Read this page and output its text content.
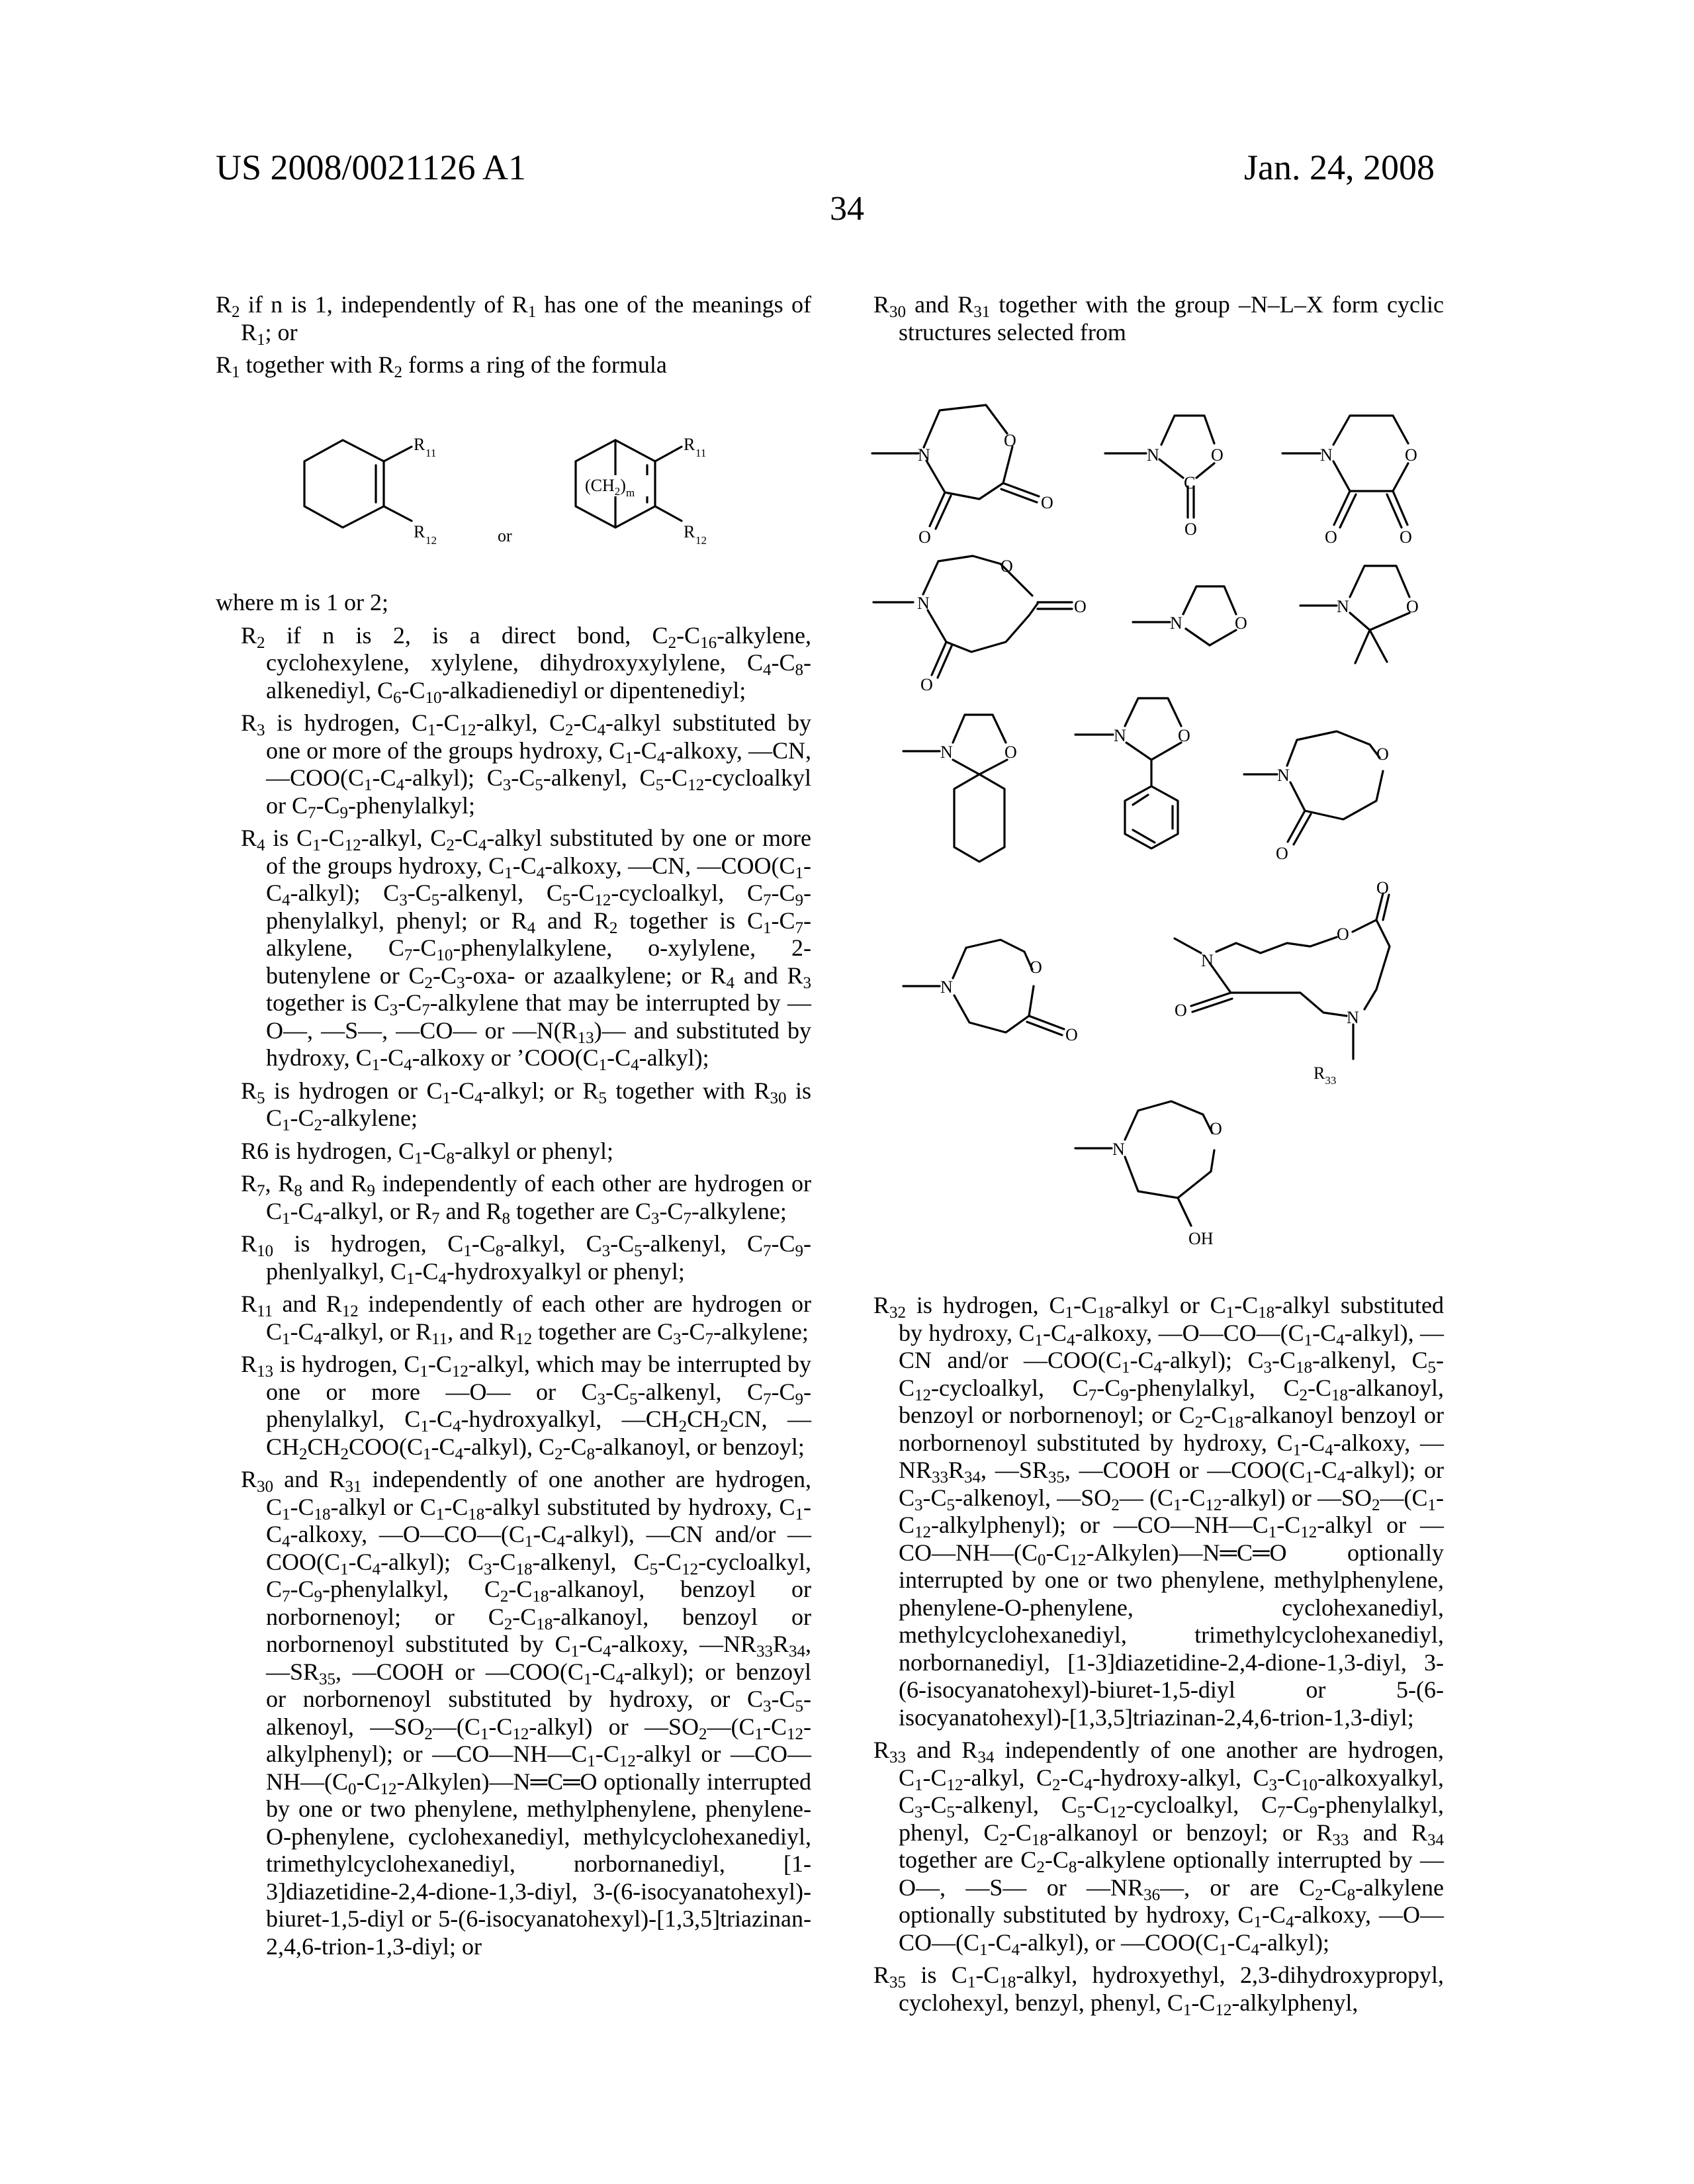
US 2008/0021126 A1	Jan. 24, 2008
34

R2 if n is 1, independently of R1 has one of the meanings of R1; or

R1 together with R2 forms a ring of the formula

R 11
R 12	or
(CH2)m
R 11
R 12

where m is 1 or 2;

R2 if n is 2, is a direct bond, C2-C16-alkylene, cyclohexylene, xylylene, dihydroxyxylylene, C4-C8-alkenediyl, C6-C10-alkadienediyl or dipentenediyl;

R3 is hydrogen, C1-C12-alkyl, C2-C4-alkyl substituted by one or more of the groups hydroxy, C1-C4-alkoxy, —CN, —COO(C1-C4-alkyl); C3-C5-alkenyl, C5-C12-cycloalkyl or C7-C9-phenylalkyl;

R4 is C1-C12-alkyl, C2-C4-alkyl substituted by one or more of the groups hydroxy, C1-C4-alkoxy, —CN, —COO(C1-C4-alkyl); C3-C5-alkenyl, C5-C12-cycloalkyl, C7-C9-phenylalkyl, phenyl; or R4 and R2 together is C1-C7-alkylene, C7-C10-phenylalkylene, o-xylylene, 2-butenylene or C2-C3-oxa- or azaalkylene; or R4 and R3 together is C3-C7-alkylene that may be interrupted by —O—, —S—, —CO— or —N(R13)— and substituted by hydroxy, C1-C4-alkoxy or ’COO(C1-C4-alkyl);

R5 is hydrogen or C1-C4-alkyl; or R5 together with R30 is C1-C2-alkylene;

R6 is hydrogen, C1-C8-alkyl or phenyl;

R7, R8 and R9 independently of each other are hydrogen or C1-C4-alkyl, or R7 and R8 together are C3-C7-alkylene;

R10 is hydrogen, C1-C8-alkyl, C3-C5-alkenyl, C7-C9-phenlyalkyl, C1-C4-hydroxyalkyl or phenyl;

R11 and R12 independently of each other are hydrogen or C1-C4-alkyl, or R11, and R12 together are C3-C7-alkylene;

R13 is hydrogen, C1-C12-alkyl, which may be interrupted by one or more —O— or C3-C5-alkenyl, C7-C9-phenylalkyl, C1-C4-hydroxyalkyl, —CH2CH2CN, —CH2CH2COO(C1-C4-alkyl), C2-C8-alkanoyl, or benzoyl;

R30 and R31 independently of one another are hydrogen, C1-C18-alkyl or C1-C18-alkyl substituted by hydroxy, C1-C4-alkoxy, —O—CO—(C1-C4-alkyl), —CN and/or —COO(C1-C4-alkyl); C3-C18-alkenyl, C5-C12-cycloalkyl, C7-C9-phenylalkyl, C2-C18-alkanoyl, benzoyl or norbornenoyl; or C2-C18-alkanoyl, benzoyl or norbornenoyl substituted by C1-C4-alkoxy, —NR33R34, —SR35, —COOH or —COO(C1-C4-alkyl); or benzoyl or norbornenoyl substituted by hydroxy, or C3-C5-alkenoyl, —SO2—(C1-C12-alkyl) or —SO2—(C1-C12-alkylphenyl); or —CO—NH—C1-C12-alkyl or —CO—NH—(C0-C12-Alkylen)—N═C═O optionally interrupted by one or two phenylene, methylphenylene, phenylene-O-phenylene, cyclohexanediyl, methylcyclohexanediyl, trimethylcyclohexanediyl, norbornanediyl, [1-3]diazetidine-2,4-dione-1,3-diyl, 3-(6-isocyanatohexyl)-biuret-1,5-diyl or 5-(6-isocyanatohexyl)-[1,3,5]triazinan-2,4,6-trion-1,3-diyl; or

R30 and R31 together with the group –N–L–X form cyclic structures selected from

N
O
O
O
N	O
C
O
N	O
O	O
N
O
O
O
N	O
N	O
N	O
N	O
N
O
O
N
O
O
N
O
O
O	N
R33
N
O
OH

R32 is hydrogen, C1-C18-alkyl or C1-C18-alkyl substituted by hydroxy, C1-C4-alkoxy, —O—CO—(C1-C4-alkyl), —CN and/or —COO(C1-C4-alkyl); C3-C18-alkenyl, C5-C12-cycloalkyl, C7-C9-phenylalkyl, C2-C18-alkanoyl, benzoyl or norbornenoyl; or C2-C18-alkanoyl benzoyl or norbornenoyl substituted by hydroxy, C1-C4-alkoxy, —NR33R34, —SR35, —COOH or —COO(C1-C4-alkyl); or C3-C5-alkenoyl, —SO2— (C1-C12-alkyl) or —SO2—(C1-C12-alkylphenyl); or —CO—NH—C1-C12-alkyl or —CO—NH—(C0-C12-Alkylen)—N═C═O optionally interrupted by one or two phenylene, methylphenylene, phenylene-O-phenylene, cyclohexanediyl, methylcyclohexanediyl, trimethylcyclohexanediyl, norbornanediyl, [1-3]diazetidine-2,4-dione-1,3-diyl, 3-(6-isocyanatohexyl)-biuret-1,5-diyl or 5-(6-isocyanatohexyl)-[1,3,5]triazinan-2,4,6-trion-1,3-diyl;

R33 and R34 independently of one another are hydrogen, C1-C12-alkyl, C2-C4-hydroxy-alkyl, C3-C10-alkoxyalkyl, C3-C5-alkenyl, C5-C12-cycloalkyl, C7-C9-phenylalkyl, phenyl, C2-C18-alkanoyl or benzoyl; or R33 and R34 together are C2-C8-alkylene optionally interrupted by —O—, —S— or —NR36—, or are C2-C8-alkylene optionally substituted by hydroxy, C1-C4-alkoxy, —O—CO—(C1-C4-alkyl), or —COO(C1-C4-alkyl);

R35 is C1-C18-alkyl, hydroxyethyl, 2,3-dihydroxypropyl, cyclohexyl, benzyl, phenyl, C1-C12-alkylphenyl,
